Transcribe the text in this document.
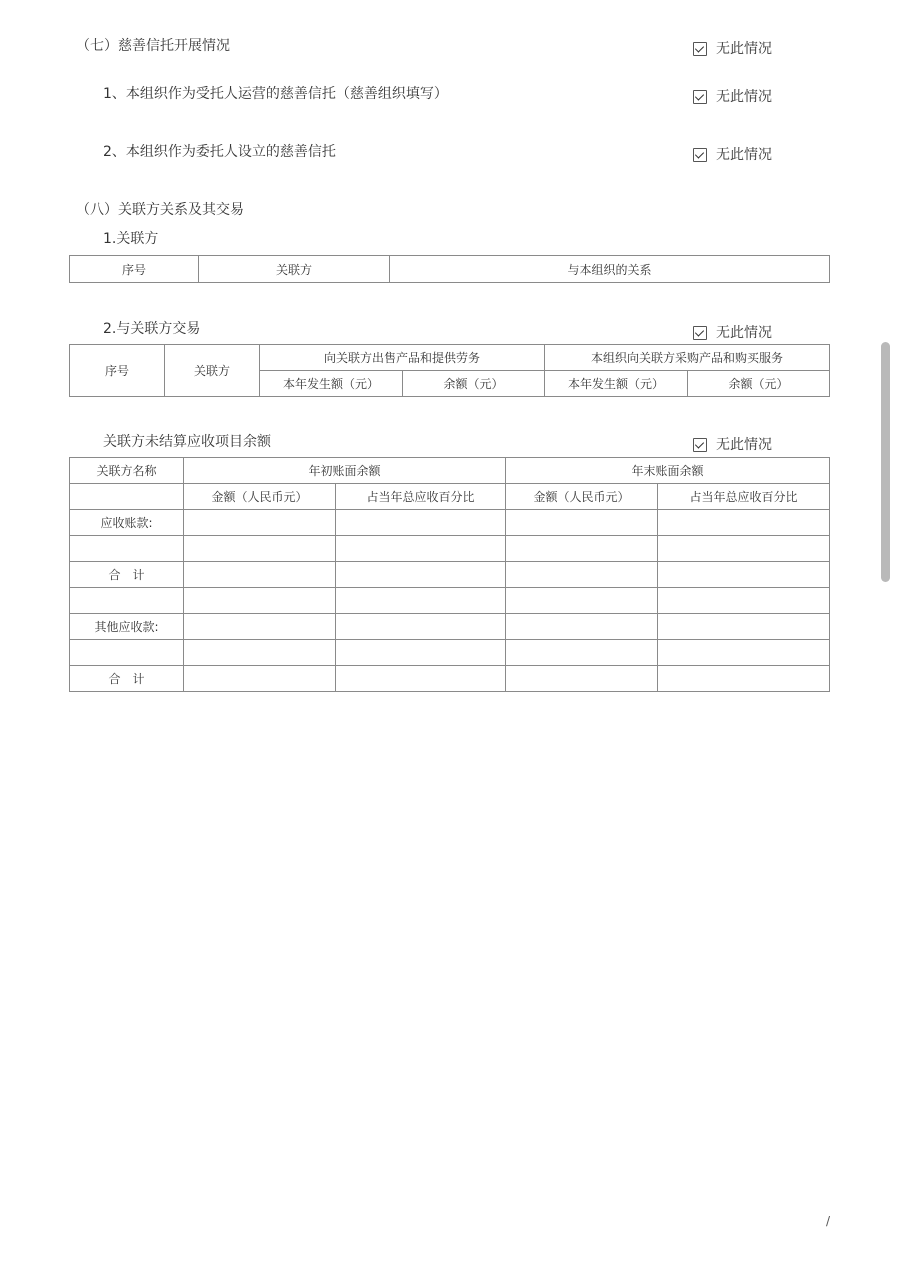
（七）慈善信托开展情况	无此情况
1、本组织作为受托人运营的慈善信托（慈善组织填写）	无此情况
2、本组织作为委托人设立的慈善信托	无此情况
（八）关联方关系及其交易
1.关联方
序号	关联方	与本组织的关系
2.与关联方交易	无此情况
序号	关联方	向关联方出售产品和提供劳务		本组织向关联方采购产品和购买服务	
		本年发生额（元）	余额（元）	本年发生额（元）	余额（元）
关联方未结算应收项目余额	无此情况
关联方名称	年初账面余额		年末账面余额	
	金额（人民币元）	占当年总应收百分比	金额（人民币元）	占当年总应收百分比
应收账款:				

合　计				

其他应收款:				

合　计				
/
